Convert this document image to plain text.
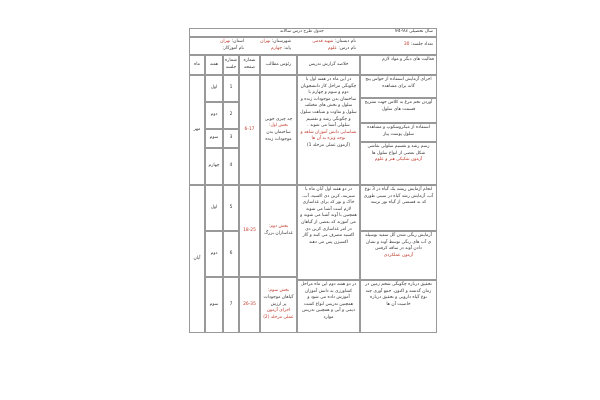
سال تحصیلی 93-94
جدول طرح درس سالانه
تعداد جلسه: 30
نام دبستان: شهید قدمی
نام درس: علوم
شهرستان: تهران
پایه: چهارم
استان: تهران
نام آموزگار:
فعالیت های دیگر و مواد لازم
خلاصه گزارش تدریس
رئوس مطالب
شماره صفحه
شماره جلسه
هفته
ماه
مهر
آبان
اول
دوم
سوم
چهارم
اول
دوم
سوم
1
2
3
4
5
6
7
6-17
18-25
26-35
چه چیزی خوبی
بخش اول:
ساختمان بدن موجودات زنده
بخش دوم:
غذاسازان بزرگ
بخش سوم:
گیاهان موجودات پر ارزش
اجرای آزمون عملی مرحله (2)
در این ماه در هفته اول با چگونگی مراحل کار دانشجویان دوم و سوم و چهارم با ساختمان بدن موجودات زنده و سلول و بخش های مختلف سلول و تفاوت و شباهت سلول و چگونگی رشد و تقسیم سلولی آشنا می شوند .
شناسایی دانش آموزان شاهد و توجه ویژه به آن ها
(آزمون عملی مرحله 1)
در دو هفته اول آبان ماه با سبزینه، کربن دی اکسید، آب، خاک و نور که برای غذاسازی لازم است آشنا می شوند همچنین با آوند آشنا می شوند و می آموزند که بعضی از گیاهان در امر غذاسازی کربن دی اکسید مصرف می کنند و گاز اکسیژن پس می دهند
در دو هفته دوم این ماه مراحل کشاورزی به دانش آموزان آموزش داده می شود و همچنین تدریس انواع کشت دیمی و آبی و همچنین تدریس موارد
اجرای آزمایش استفاده از حواس پنج گانه برای مشاهده
آوردن تخم مرغ به کلاس جهت تشریح قسمت های سلول
استفاده از میکروسکوپ و مشاهده سلول پوست پیاز
رسم رشد و تقسیم سلولی نقاشی شکل بعضی از انواع سلول ها
آزمون تفکیکی هنر و علوم
انجام آزمایش ریشه یک گیاه در 3 نوع آب، آزمایش رشد گیاه در سینی طوری که به قسمتی از گیاه نور نرسد
آزمایش رنگی شدن گل سفید بوسیله ی آب های رنگی توسط آوند و نشان دادن آوند در ساقه کرفس
آزمون عملکردی
تحقیق درباره چگونگی شخم زمین در زمان گذشته و اکنون. جمع آوری چند نوع گیاه دارویی و تحقیق درباره خاصیت آن ها
